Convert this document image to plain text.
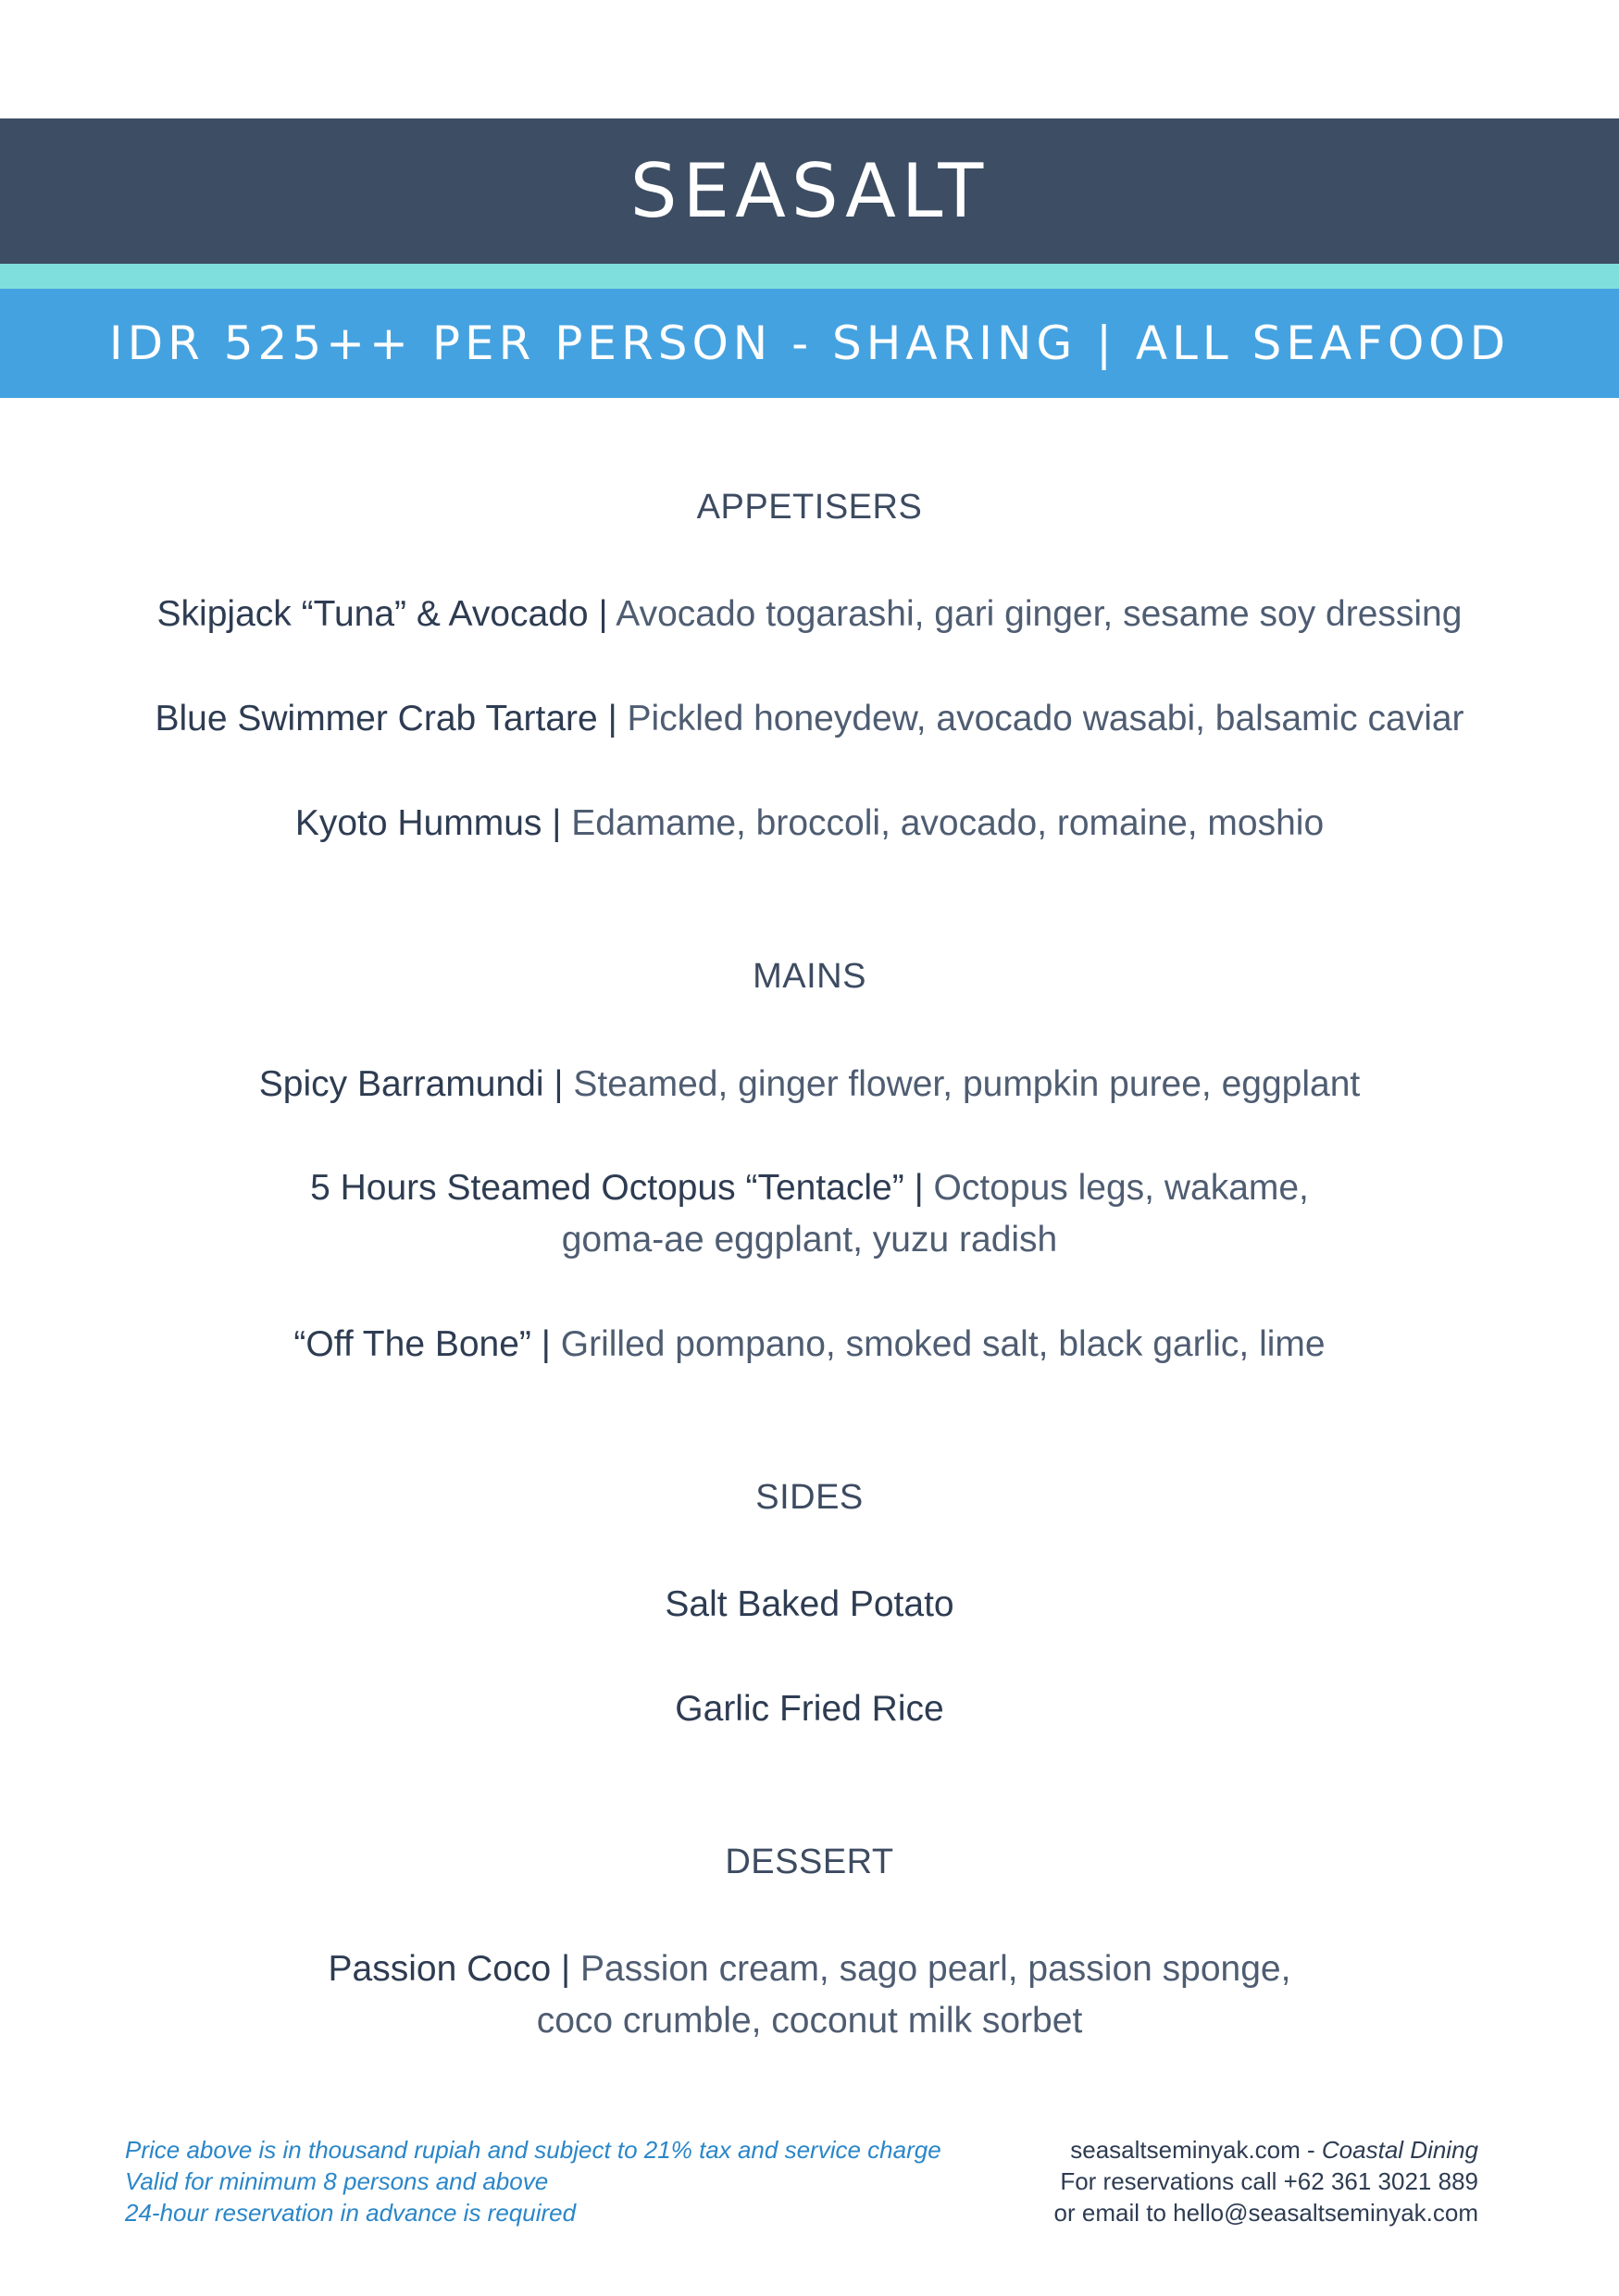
SEASALT
IDR 525++ PER PERSON - SHARING | ALL SEAFOOD
APPETISERS
Skipjack “Tuna” & Avocado | Avocado togarashi, gari ginger, sesame soy dressing
Blue Swimmer Crab Tartare | Pickled honeydew, avocado wasabi, balsamic caviar
Kyoto Hummus | Edamame, broccoli, avocado, romaine, moshio
MAINS
Spicy Barramundi | Steamed, ginger flower, pumpkin puree, eggplant
5 Hours Steamed Octopus “Tentacle” | Octopus legs, wakame,
goma-ae eggplant, yuzu radish
“Off The Bone” | Grilled pompano, smoked salt, black garlic, lime
SIDES
Salt Baked Potato
Garlic Fried Rice
DESSERT
Passion Coco | Passion cream, sago pearl, passion sponge,
coco crumble, coconut milk sorbet
Price above is in thousand rupiah and subject to 21% tax and service charge
Valid for minimum 8 persons and above
24-hour reservation in advance is required
seasaltseminyak.com - Coastal Dining
For reservations call +62 361 3021 889
or email to hello@seasaltseminyak.com
